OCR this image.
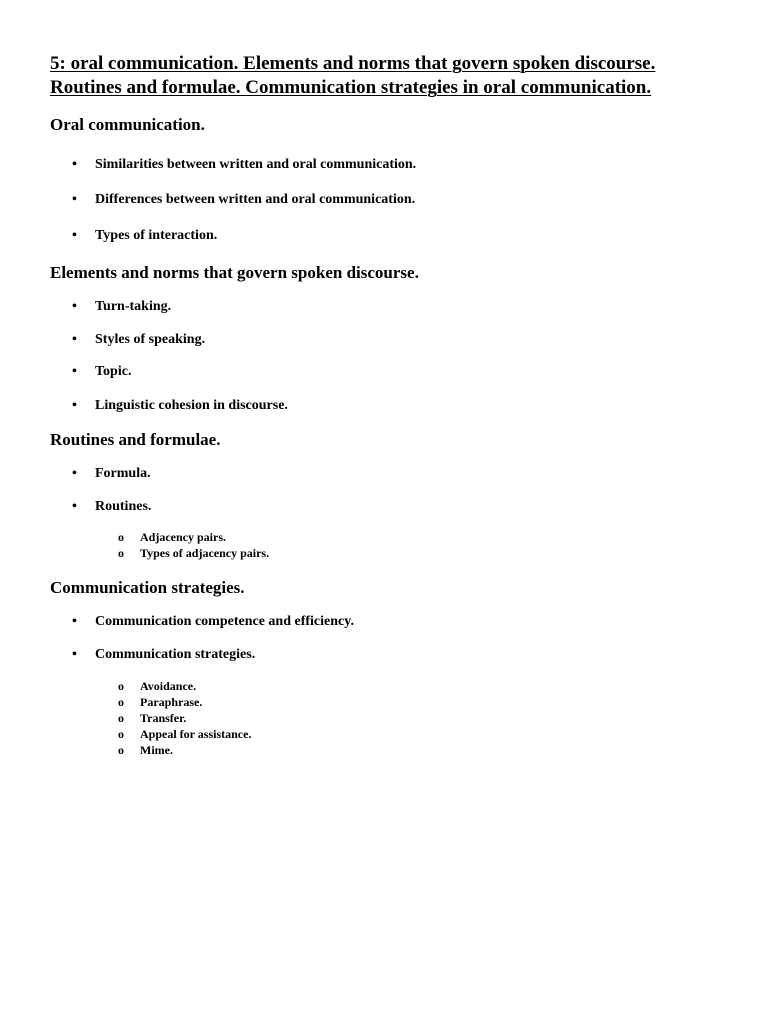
5: oral communication. Elements and norms that govern spoken discourse.
Routines and formulae. Communication strategies in oral communication.
Oral communication.
• Similarities between written and oral communication.
• Differences between written and oral communication.
• Types of interaction.
Elements and norms that govern spoken discourse.
• Turn-taking.
• Styles of speaking.
• Topic.
• Linguistic cohesion in discourse.
Routines and formulae.
• Formula.
• Routines.
o Adjacency pairs.
o Types of adjacency pairs.
Communication strategies.
• Communication competence and efficiency.
• Communication strategies.
o Avoidance.
o Paraphrase.
o Transfer.
o Appeal for assistance.
o Mime.
